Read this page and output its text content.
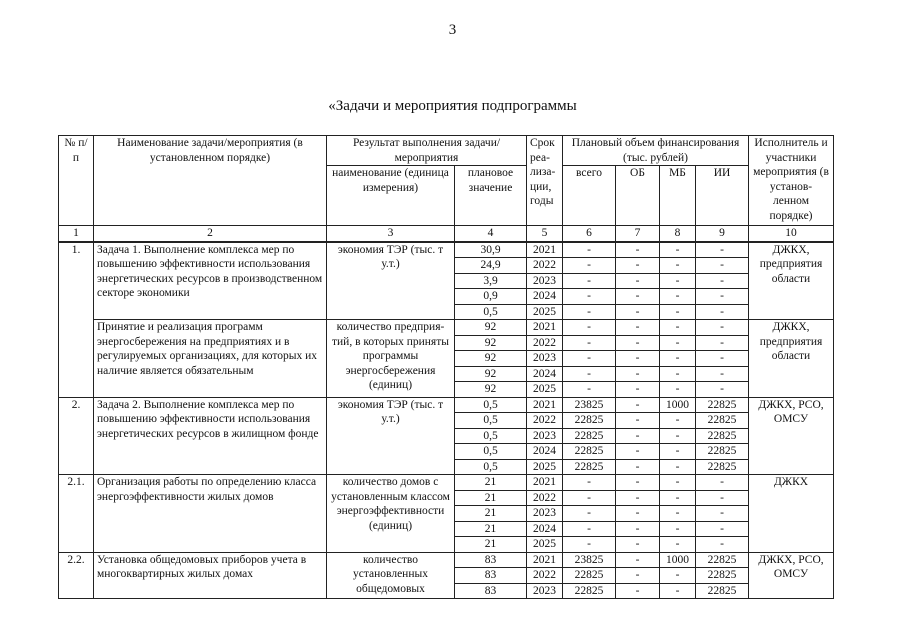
3
«Задачи и мероприятия подпрограммы
№ п/п	Наименование задачи/мероприятия (в установленном порядке)	Результат выполнения задачи/мероприятия		Срок реа- лиза- ции, годы	Плановый объем финансирования (тыс. рублей)				Исполнитель и участники мероприятия (в установ- ленном порядке)
		наименование (единица измерения)	плановое значение		всего	ОБ	МБ	ИИ	
1	2	3	4	5	6	7	8	9	10
1.	Задача 1. Выполнение комплекса мер по повышению эффективности использования энергетических ресурсов в производственном секторе экономики	экономия ТЭР (тыс. т у.т.)	30,9	2021	-	-	-	-	ДЖКХ, предприятия области
			24,9	2022	-	-	-	-	
			3,9	2023	-	-	-	-	
			0,9	2024	-	-	-	-	
			0,5	2025	-	-	-	-	
	Принятие и реализация программ энергосбережения на предприятиях и в регулируемых организациях, для которых их наличие является обязательным	количество предприя- тий, в которых приняты программы энергосбережения (единиц)	92	2021	-	-	-	-	ДЖКХ, предприятия области
			92	2022	-	-	-	-	
			92	2023	-	-	-	-	
			92	2024	-	-	-	-	
			92	2025	-	-	-	-	
2.	Задача 2. Выполнение комплекса мер по повышению эффективности использования энергетических ресурсов в жилищном фонде	экономия ТЭР (тыс. т у.т.)	0,5	2021	23825	-	1000	22825	ДЖКХ, РСО, ОМСУ
			0,5	2022	22825	-	-	22825	
			0,5	2023	22825	-	-	22825	
			0,5	2024	22825	-	-	22825	
			0,5	2025	22825	-	-	22825	
2.1.	Организация работы по определению класса энергоэффективности жилых домов	количество домов с установленным классом энергоэффективности (единиц)	21	2021	-	-	-	-	ДЖКХ
			21	2022	-	-	-	-	
			21	2023	-	-	-	-	
			21	2024	-	-	-	-	
			21	2025	-	-	-	-	
2.2.	Установка общедомовых приборов учета в многоквартирных жилых домах	количество установленных общедомовых	83	2021	23825	-	1000	22825	ДЖКХ, РСО, ОМСУ
			83	2022	22825	-	-	22825	
			83	2023	22825	-	-	22825	
